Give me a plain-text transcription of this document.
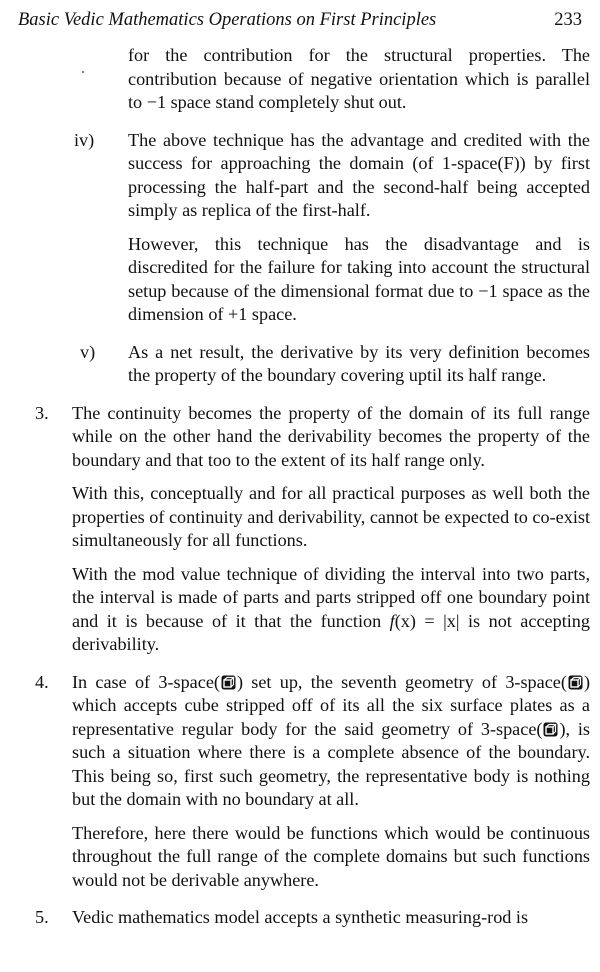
Basic Vedic Mathematics Operations on First Principles	233

for the contribution for the structural properties. The contribution because of negative orientation which is parallel to −1 space stand completely shut out.

iv) The above technique has the advantage and credited with the success for approaching the domain (of 1-space(F)) by first processing the half-part and the second-half being accepted simply as replica of the first-half.

However, this technique has the disadvantage and is discredited for the failure for taking into account the structural setup because of the dimensional format due to −1 space as the dimension of +1 space.

v) As a net result, the derivative by its very definition becomes the property of the boundary covering uptil its half range.
3. The continuity becomes the property of the domain of its full range while on the other hand the derivability becomes the property of the boundary and that too to the extent of its half range only.

With this, conceptually and for all practical purposes as well both the properties of continuity and derivability, cannot be expected to co-exist simultaneously for all functions.

With the mod value technique of dividing the interval into two parts, the interval is made of parts and parts stripped off one boundary point and it is because of it that the function f(x) = |x| is not accepting derivability.

4. In case of 3-space( ) set up, the seventh geometry of 3-space( ) which accepts cube stripped off of its all the six surface plates as a representative regular body for the said geometry of 3-space( ), is such a situation where there is a complete absence of the boundary. This being so, first such geometry, the representative body is nothing but the domain with no boundary at all.

Therefore, here there would be functions which would be continuous throughout the full range of the complete domains but such functions would not be derivable anywhere.

5. Vedic mathematics model accepts a synthetic measuring-rod is
